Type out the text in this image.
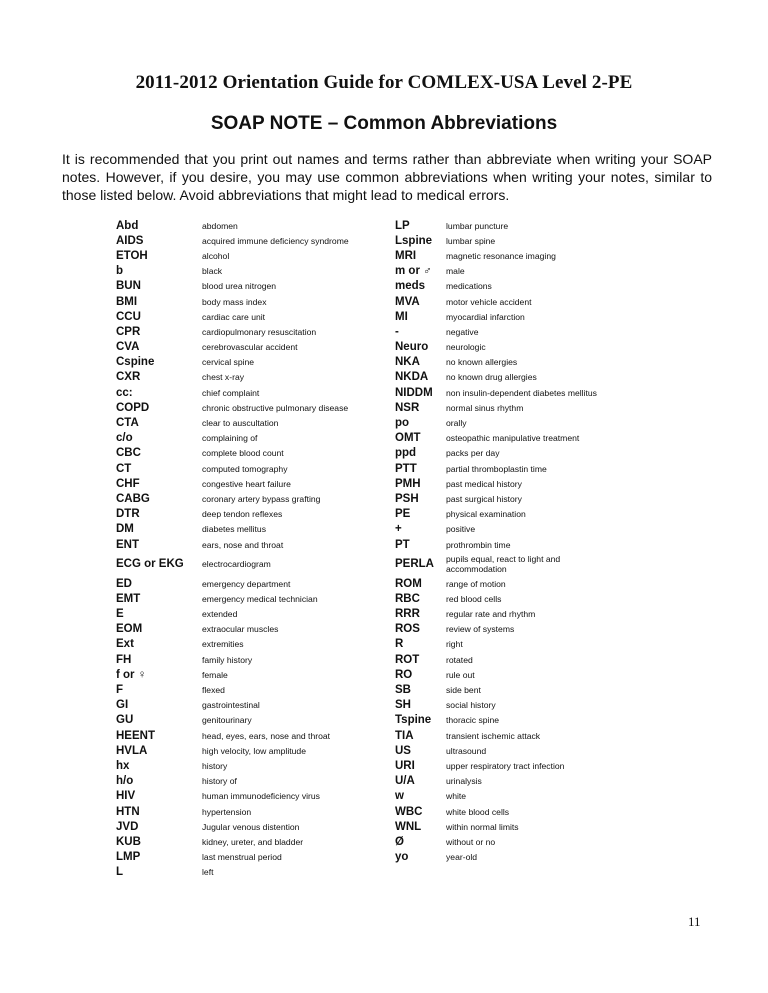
2011-2012 Orientation Guide for COMLEX-USA Level 2-PE
SOAP NOTE – Common Abbreviations
It is recommended that you print out names and terms rather than abbreviate when writing your SOAP notes. However, if you desire, you may use common abbreviations when writing your notes, similar to those listed below. Avoid abbreviations that might lead to medical errors.
Abd	abdomen
AIDS	acquired immune deficiency syndrome
ETOH	alcohol
b	black
BUN	blood urea nitrogen
BMI	body mass index
CCU	cardiac care unit
CPR	cardiopulmonary resuscitation
CVA	cerebrovascular accident
Cspine	cervical spine
CXR	chest x-ray
cc:	chief complaint
COPD	chronic obstructive pulmonary disease
CTA	clear to auscultation
c/o	complaining of
CBC	complete blood count
CT	computed tomography
CHF	congestive heart failure
CABG	coronary artery bypass grafting
DTR	deep tendon reflexes
DM	diabetes mellitus
ENT	ears, nose and throat
ECG or EKG	electrocardiogram
ED	emergency department
EMT	emergency medical technician
E	extended
EOM	extraocular muscles
Ext	extremities
FH	family history
f or ♀	female
F	flexed
GI	gastrointestinal
GU	genitourinary
HEENT	head, eyes, ears, nose and throat
HVLA	high velocity, low amplitude
hx	history
h/o	history of
HIV	human immunodeficiency virus
HTN	hypertension
JVD	Jugular venous distention
KUB	kidney, ureter, and bladder
LMP	last menstrual period
L	left
LP	lumbar puncture
Lspine	lumbar spine
MRI	magnetic resonance imaging
m or ♂	male
meds	medications
MVA	motor vehicle accident
MI	myocardial infarction
-	negative
Neuro	neurologic
NKA	no known allergies
NKDA	no known drug allergies
NIDDM	non insulin-dependent diabetes mellitus
NSR	normal sinus rhythm
po	orally
OMT	osteopathic manipulative treatment
ppd	packs per day
PTT	partial thromboplastin time
PMH	past medical history
PSH	past surgical history
PE	physical examination
+	positive
PT	prothrombin time
PERLA	pupils equal, react to light and accommodation
ROM	range of motion
RBC	red blood cells
RRR	regular rate and rhythm
ROS	review of systems
R	right
ROT	rotated
RO	rule out
SB	side bent
SH	social history
Tspine	thoracic spine
TIA	transient ischemic attack
US	ultrasound
URI	upper respiratory tract infection
U/A	urinalysis
w	white
WBC	white blood cells
WNL	within normal limits
Ø	without or no
yo	year-old
11
